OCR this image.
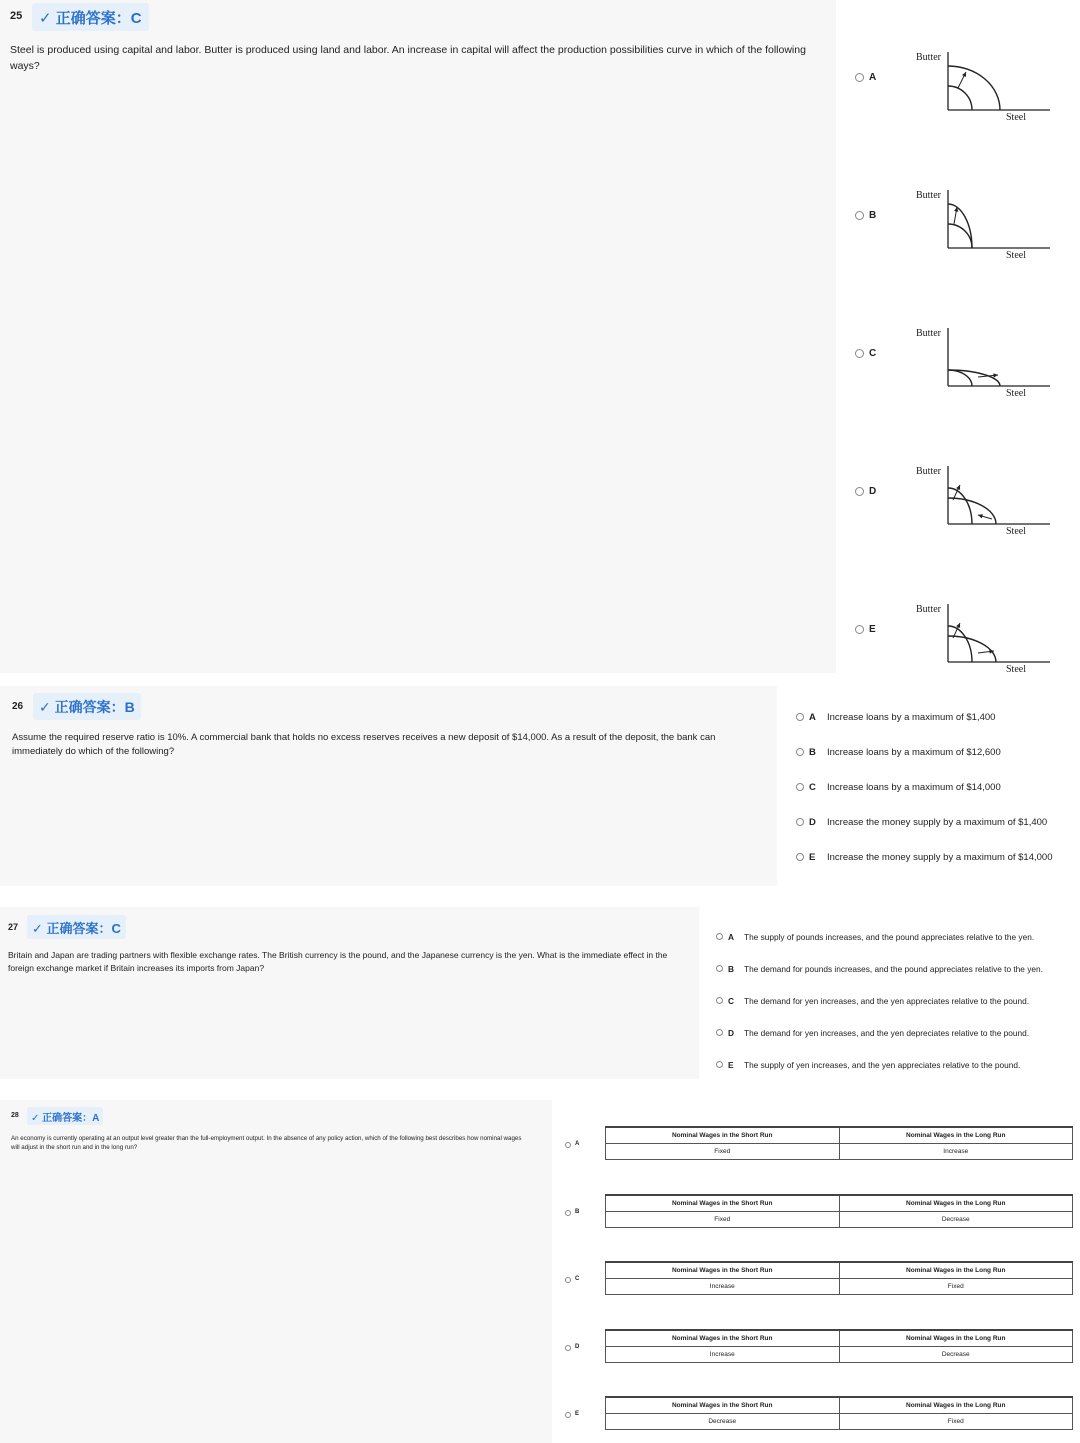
25	✓ 正确答案：C
Steel is produced using capital and labor. Butter is produced using land and labor. An increase in capital will affect the production possibilities curve in which of the following ways?
A
Butter
Steel
B
Butter
Steel
C
Butter
Steel
D
Butter
Steel
E
Butter
Steel
26	✓ 正确答案：B
Assume the required reserve ratio is 10%. A commercial bank that holds no excess reserves receives a new deposit of $14,000. As a result of the deposit, the bank can immediately do which of the following?
A Increase loans by a maximum of $1,400
B Increase loans by a maximum of $12,600
C Increase loans by a maximum of $14,000
D Increase the money supply by a maximum of $1,400
E Increase the money supply by a maximum of $14,000
27	✓ 正确答案：C
Britain and Japan are trading partners with flexible exchange rates. The British currency is the pound, and the Japanese currency is the yen. What is the immediate effect in the foreign exchange market if Britain increases its imports from Japan?
A The supply of pounds increases, and the pound appreciates relative to the yen.
B The demand for pounds increases, and the pound appreciates relative to the yen.
C The demand for yen increases, and the yen appreciates relative to the pound.
D The demand for yen increases, and the yen depreciates relative to the pound.
E The supply of yen increases, and the yen appreciates relative to the pound.
28	✓ 正确答案：A
An economy is currently operating at an output level greater than the full-employment output. In the absence of any policy action, which of the following best describes how nominal wages will adjust in the short run and in the long run?
A
Nominal Wages in the Short Run	Nominal Wages in the Long Run
Fixed	Increase
B
Nominal Wages in the Short Run	Nominal Wages in the Long Run
Fixed	Decrease
C
Nominal Wages in the Short Run	Nominal Wages in the Long Run
Increase	Fixed
D
Nominal Wages in the Short Run	Nominal Wages in the Long Run
Increase	Decrease
E
Nominal Wages in the Short Run	Nominal Wages in the Long Run
Decrease	Fixed
